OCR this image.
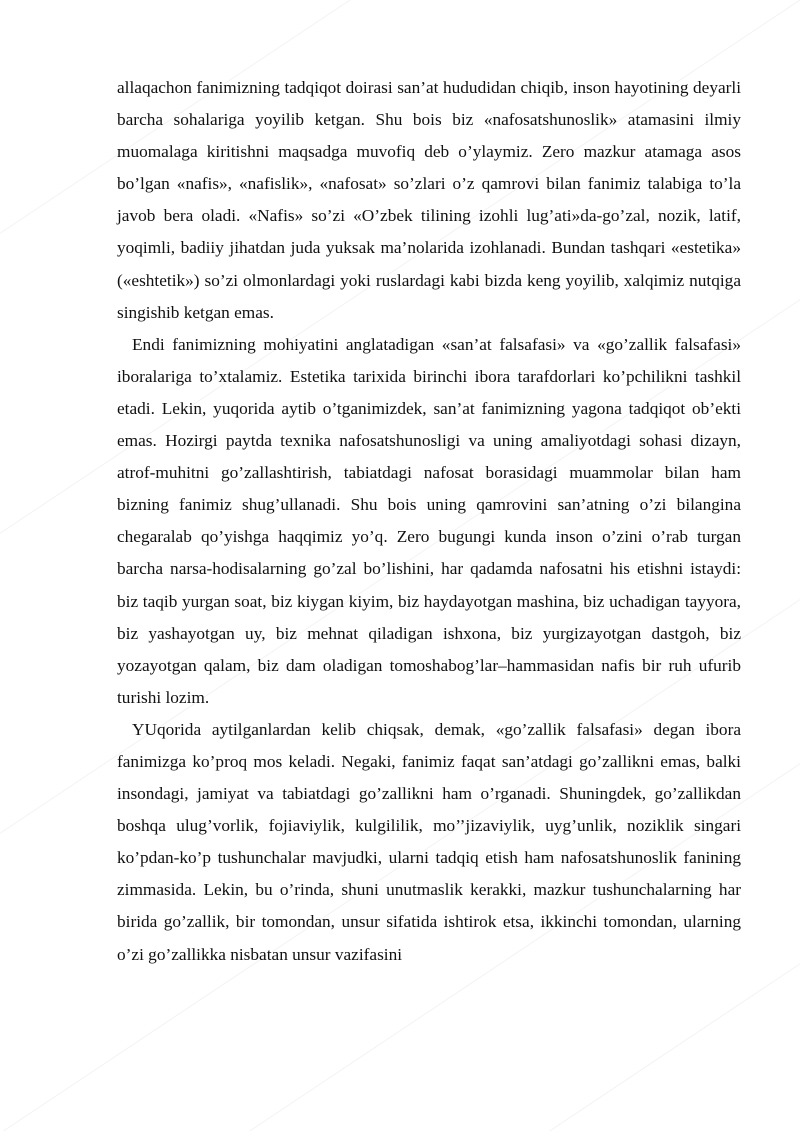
allaqachon fanimizning tadqiqot doirasi san’at hududidan chiqib, inson hayotining deyarli barcha sohalariga yoyilib ketgan. Shu bois biz «nafosatshunoslik» atamasini ilmiy muomalaga kiritishni maqsadga muvofiq deb o’ylaymiz. Zero mazkur atamaga asos bo’lgan «nafis», «nafislik», «nafosat» so’zlari o’z qamrovi bilan fanimiz talabiga to’la javob bera oladi. «Nafis» so’zi «O’zbek tilining izohli lug’ati»da-go’zal, nozik, latif, yoqimli, badiiy jihatdan juda yuksak ma’nolarida izohlanadi. Bundan tashqari «estetika» («eshtetik») so’zi olmonlardagi yoki ruslardagi kabi bizda keng yoyilib, xalqimiz nutqiga singishib ketgan emas.

Endi fanimizning mohiyatini anglatadigan «san’at falsafasi» va «go’zallik falsafasi» iboralariga to’xtalamiz. Estetika tarixida birinchi ibora tarafdorlari ko’pchilikni tashkil etadi. Lekin, yuqorida aytib o’tganimizdek, san’at fanimizning yagona tadqiqot ob’ekti emas. Hozirgi paytda texnika nafosatshunosligi va uning amaliyotdagi sohasi dizayn, atrof-muhitni go’zallashtirish, tabiatdagi nafosat borasidagi muammolar bilan ham bizning fanimiz shug’ullanadi. Shu bois uning qamrovini san’atning o’zi bilangina chegaralab qo’yishga haqqimiz yo’q. Zero bugungi kunda inson o’zini o’rab turgan barcha narsa-hodisalarning go’zal bo’lishini, har qadamda nafosatni his etishni istaydi: biz taqib yurgan soat, biz kiygan kiyim, biz haydayotgan mashina, biz uchadigan tayyora, biz yashayotgan uy, biz mehnat qiladigan ishxona, biz yurgizayotgan dastgoh, biz yozayotgan qalam, biz dam oladigan tomoshabog’lar–hammasidan nafis bir ruh ufurib turishi lozim.

YUqorida aytilganlardan kelib chiqsak, demak, «go’zallik falsafasi» degan ibora fanimizga ko’proq mos keladi. Negaki, fanimiz faqat san’atdagi go’zallikni emas, balki insondagi, jamiyat va tabiatdagi go’zallikni ham o’rganadi. Shuningdek, go’zallikdan boshqa ulug’vorlik, fojiaviylik, kulgililik, mo’’jizaviylik, uyg’unlik, noziklik singari ko’pdan-ko’p tushunchalar mavjudki, ularni tadqiq etish ham nafosatshunoslik fanining zimmasida. Lekin, bu o’rinda, shuni unutmaslik kerakki, mazkur tushunchalarning har birida go’zallik, bir tomondan, unsur sifatida ishtirok etsa, ikkinchi tomondan, ularning o’zi go’zallikka nisbatan unsur vazifasini
